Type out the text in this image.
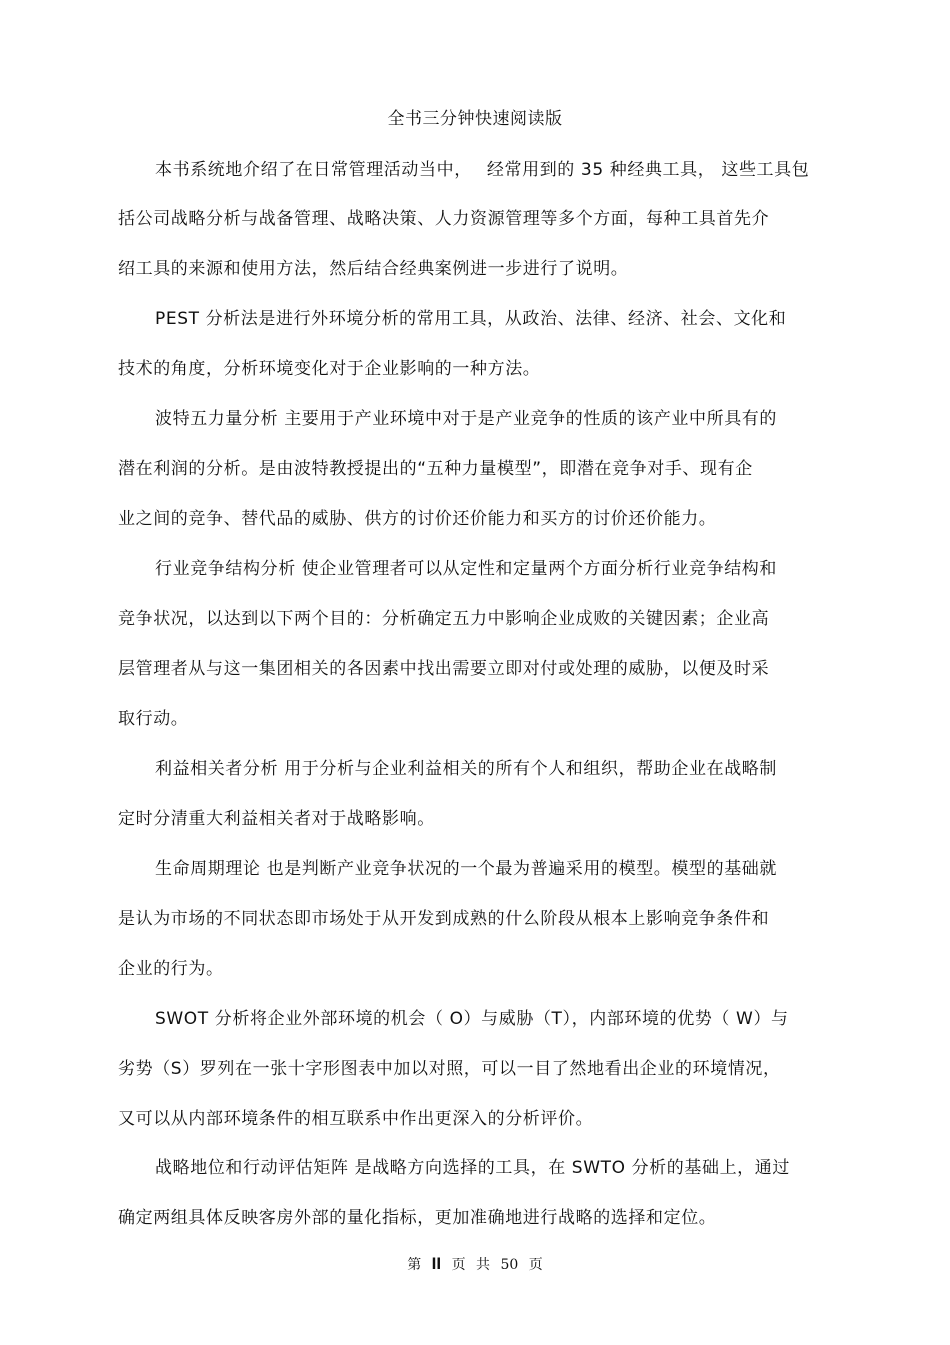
全书三分钟快速阅读版
本书系统地介绍了在日常管理活动当中，　 经常用到的 35 种经典工具， 这些工具包
括公司战略分析与战备管理、战略决策、人力资源管理等多个方面，每种工具首先介
绍工具的来源和使用方法，然后结合经典案例进一步进行了说明。
PEST 分析法是进行外环境分析的常用工具，从政治、法律、经济、社会、文化和
技术的角度，分析环境变化对于企业影响的一种方法。
波特五力量分析 主要用于产业环境中对于是产业竞争的性质的该产业中所具有的
潜在利润的分析。是由波特教授提出的“五种力量模型”，即潜在竞争对手、现有企
业之间的竞争、替代品的威胁、供方的讨价还价能力和买方的讨价还价能力。
行业竞争结构分析 使企业管理者可以从定性和定量两个方面分析行业竞争结构和
竞争状况，以达到以下两个目的：分析确定五力中影响企业成败的关键因素；企业高
层管理者从与这一集团相关的各因素中找出需要立即对付或处理的威胁，以便及时采
取行动。
利益相关者分析 用于分析与企业利益相关的所有个人和组织，帮助企业在战略制
定时分清重大利益相关者对于战略影响。
生命周期理论 也是判断产业竞争状况的一个最为普遍采用的模型。模型的基础就
是认为市场的不同状态即市场处于从开发到成熟的什么阶段从根本上影响竞争条件和
企业的行为。
SWOT 分析将企业外部环境的机会（ O）与威胁（T），内部环境的优势（ W）与
劣势（S）罗列在一张十字形图表中加以对照，可以一目了然地看出企业的环境情况，
又可以从内部环境条件的相互联系中作出更深入的分析评价。
战略地位和行动评估矩阵 是战略方向选择的工具，在 SWTO 分析的基础上，通过
确定两组具体反映客房外部的量化指标，更加准确地进行战略的选择和定位。
第 II 页 共 50 页
